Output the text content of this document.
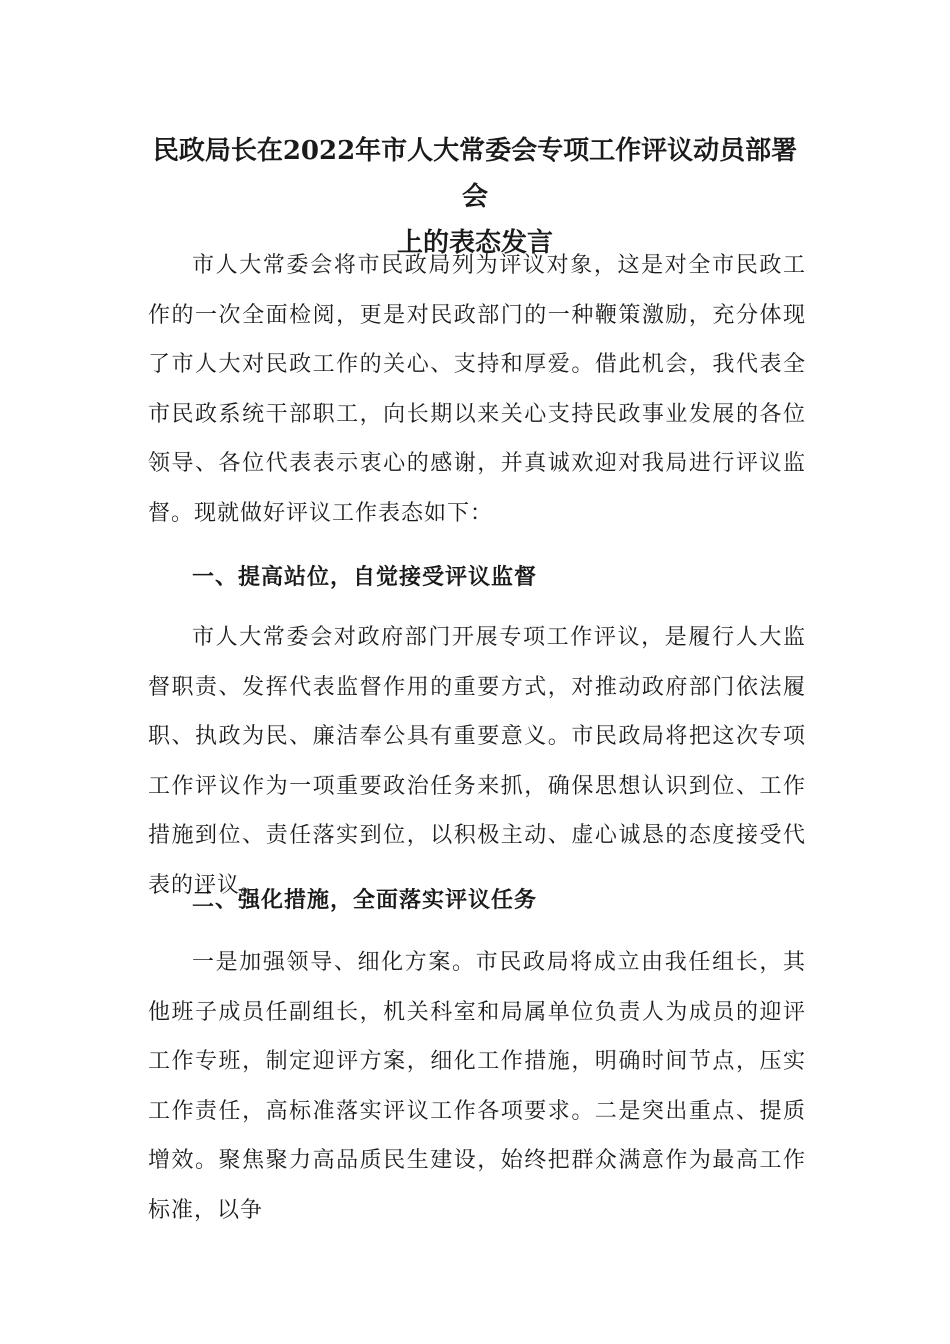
民政局长在2022年市人大常委会专项工作评议动员部署会
上的表态发言

市人大常委会将市民政局列为评议对象，这是对全市民政工作的一次全面检阅，更是对民政部门的一种鞭策激励，充分体现了市人大对民政工作的关心、支持和厚爱。借此机会，我代表全市民政系统干部职工，向长期以来关心支持民政事业发展的各位领导、各位代表表示衷心的感谢，并真诚欢迎对我局进行评议监督。现就做好评议工作表态如下：

一、提高站位，自觉接受评议监督

市人大常委会对政府部门开展专项工作评议，是履行人大监督职责、发挥代表监督作用的重要方式，对推动政府部门依法履职、执政为民、廉洁奉公具有重要意义。市民政局将把这次专项工作评议作为一项重要政治任务来抓，确保思想认识到位、工作措施到位、责任落实到位，以积极主动、虚心诚恳的态度接受代表的评议。

二、强化措施，全面落实评议任务

一是加强领导、细化方案。市民政局将成立由我任组长，其他班子成员任副组长，机关科室和局属单位负责人为成员的迎评工作专班，制定迎评方案，细化工作措施，明确时间节点，压实工作责任，高标准落实评议工作各项要求。二是突出重点、提质增效。聚焦聚力高品质民生建设，始终把群众满意作为最高工作标准，以争
